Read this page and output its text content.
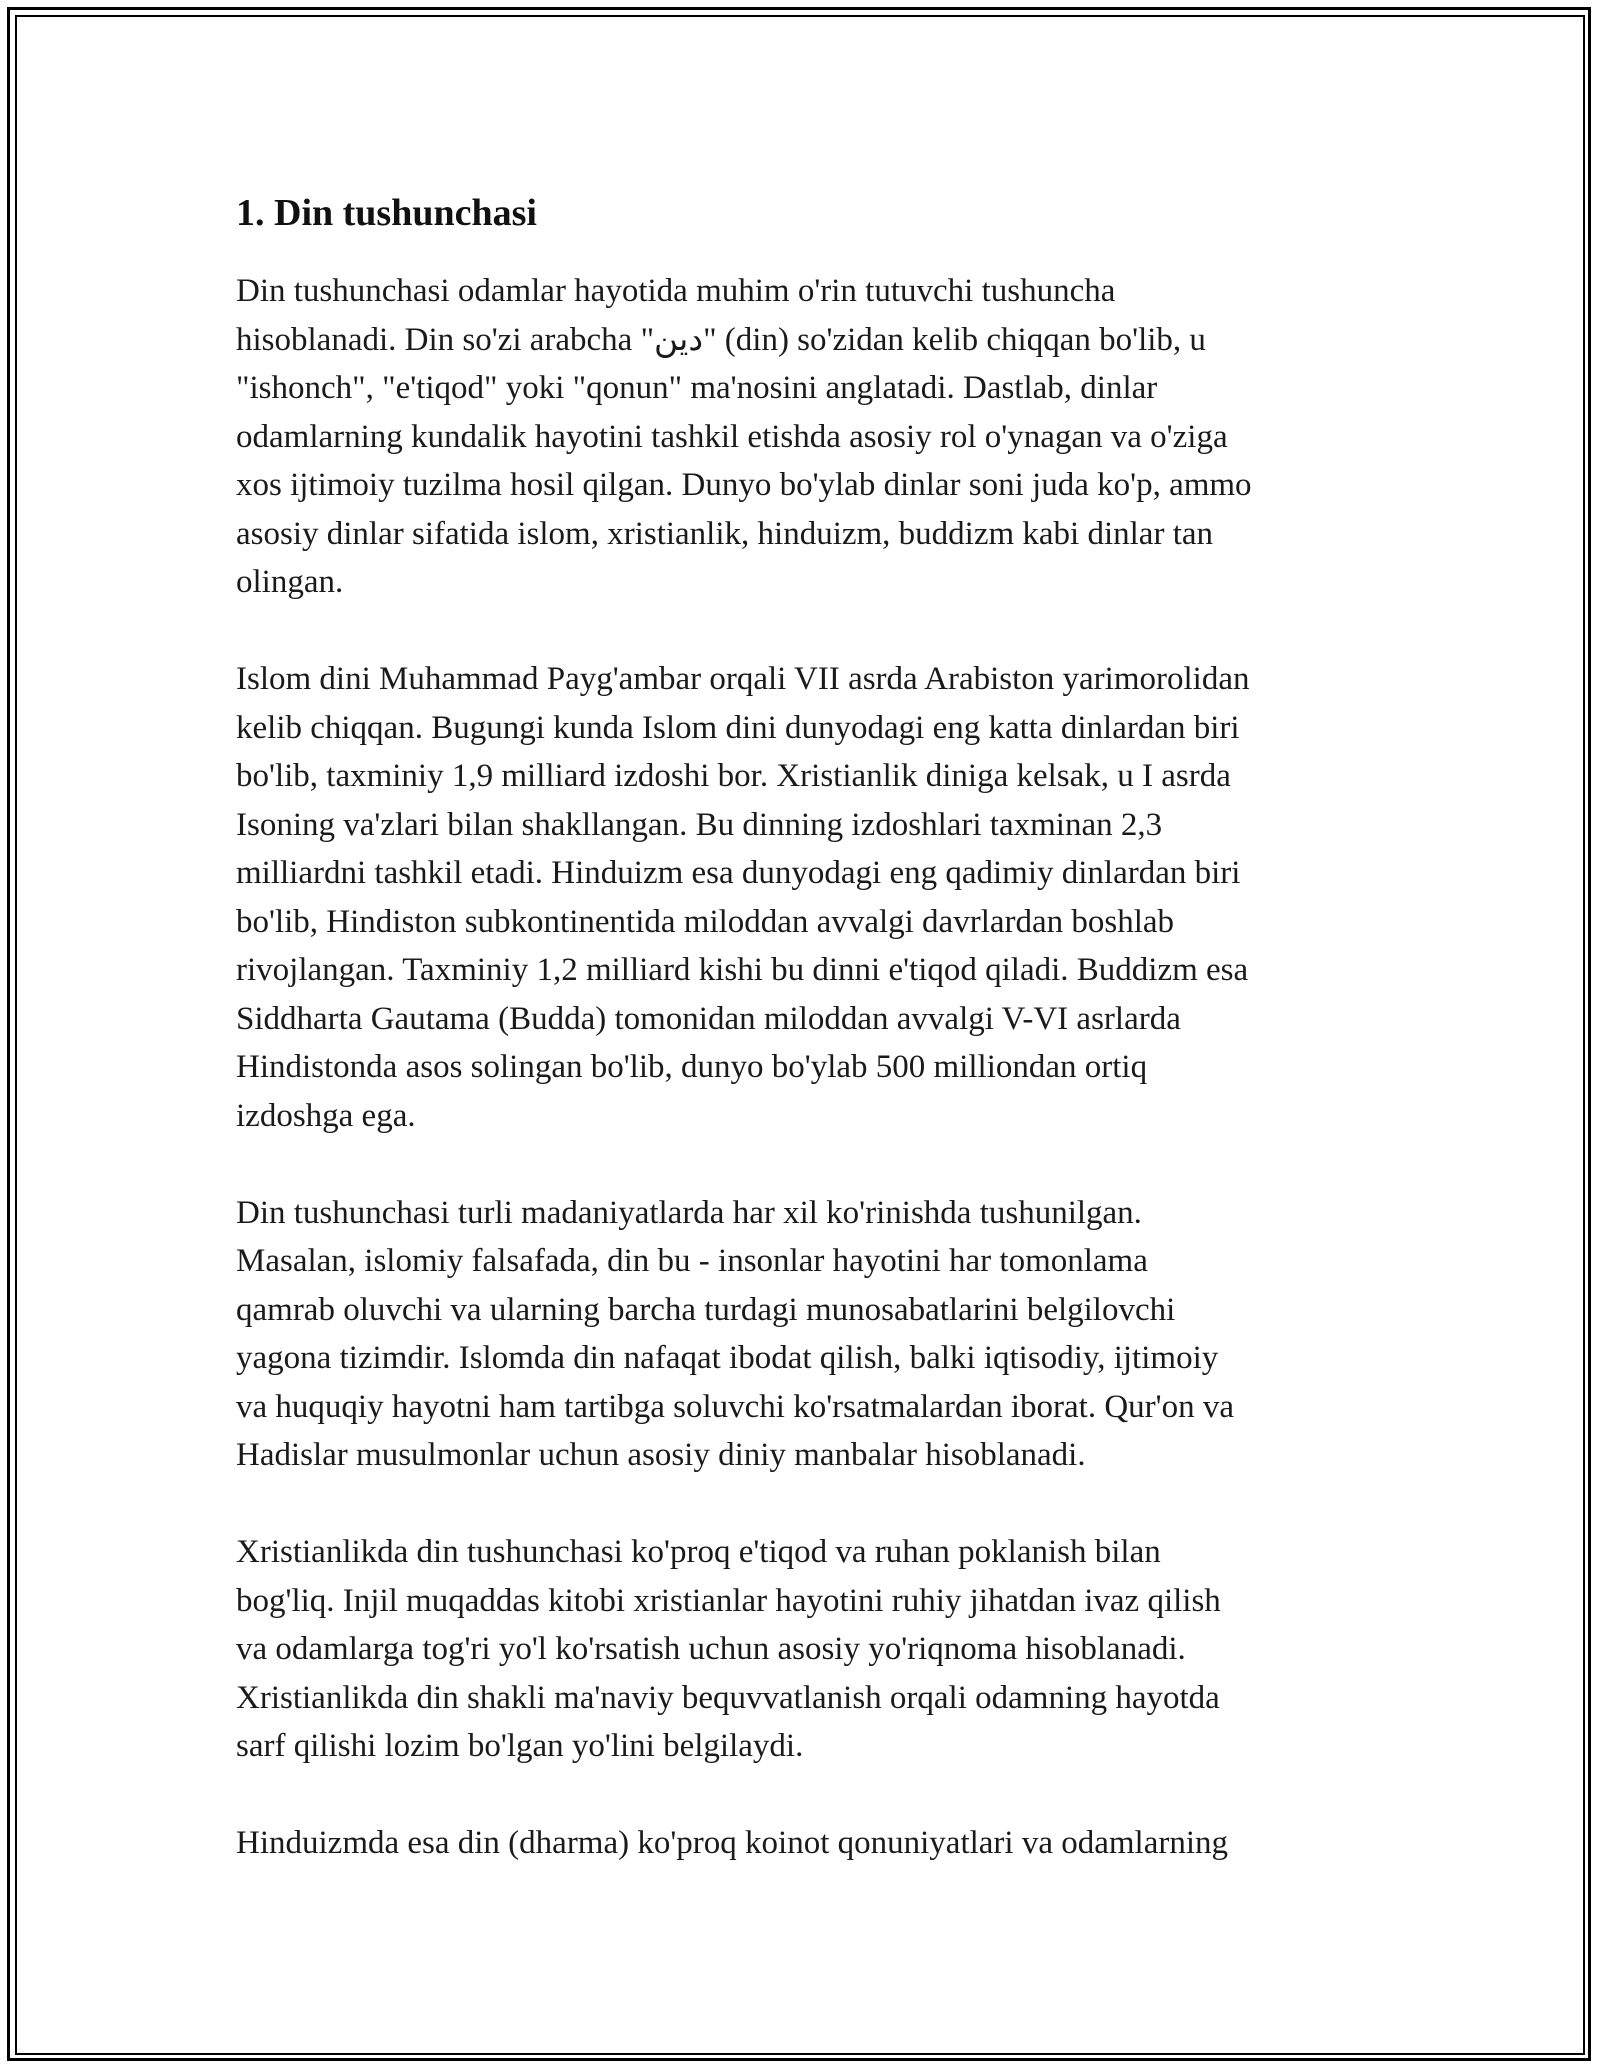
1. Din tushunchasi

Din tushunchasi odamlar hayotida muhim o'rin tutuvchi tushuncha
hisoblanadi. Din so'zi arabcha "دين" (din) so'zidan kelib chiqqan bo'lib, u
"ishonch", "e'tiqod" yoki "qonun" ma'nosini anglatadi. Dastlab, dinlar
odamlarning kundalik hayotini tashkil etishda asosiy rol o'ynagan va o'ziga
xos ijtimoiy tuzilma hosil qilgan. Dunyo bo'ylab dinlar soni juda ko'p, ammo
asosiy dinlar sifatida islom, xristianlik, hinduizm, buddizm kabi dinlar tan
olingan.

Islom dini Muhammad Payg'ambar orqali VII asrda Arabiston yarimorolidan
kelib chiqqan. Bugungi kunda Islom dini dunyodagi eng katta dinlardan biri
bo'lib, taxminiy 1,9 milliard izdoshi bor. Xristianlik diniga kelsak, u I asrda
Isoning va'zlari bilan shakllangan. Bu dinning izdoshlari taxminan 2,3
milliardni tashkil etadi. Hinduizm esa dunyodagi eng qadimiy dinlardan biri
bo'lib, Hindiston subkontinentida miloddan avvalgi davrlardan boshlab
rivojlangan. Taxminiy 1,2 milliard kishi bu dinni e'tiqod qiladi. Buddizm esa
Siddharta Gautama (Budda) tomonidan miloddan avvalgi V-VI asrlarda
Hindistonda asos solingan bo'lib, dunyo bo'ylab 500 milliondan ortiq
izdoshga ega.

Din tushunchasi turli madaniyatlarda har xil ko'rinishda tushunilgan.
Masalan, islomiy falsafada, din bu - insonlar hayotini har tomonlama
qamrab oluvchi va ularning barcha turdagi munosabatlarini belgilovchi
yagona tizimdir. Islomda din nafaqat ibodat qilish, balki iqtisodiy, ijtimoiy
va huquqiy hayotni ham tartibga soluvchi ko'rsatmalardan iborat. Qur'on va
Hadislar musulmonlar uchun asosiy diniy manbalar hisoblanadi.

Xristianlikda din tushunchasi ko'proq e'tiqod va ruhan poklanish bilan
bog'liq. Injil muqaddas kitobi xristianlar hayotini ruhiy jihatdan ivaz qilish
va odamlarga tog'ri yo'l ko'rsatish uchun asosiy yo'riqnoma hisoblanadi.
Xristianlikda din shakli ma'naviy bequvvatlanish orqali odamning hayotda
sarf qilishi lozim bo'lgan yo'lini belgilaydi.

Hinduizmda esa din (dharma) ko'proq koinot qonuniyatlari va odamlarning
